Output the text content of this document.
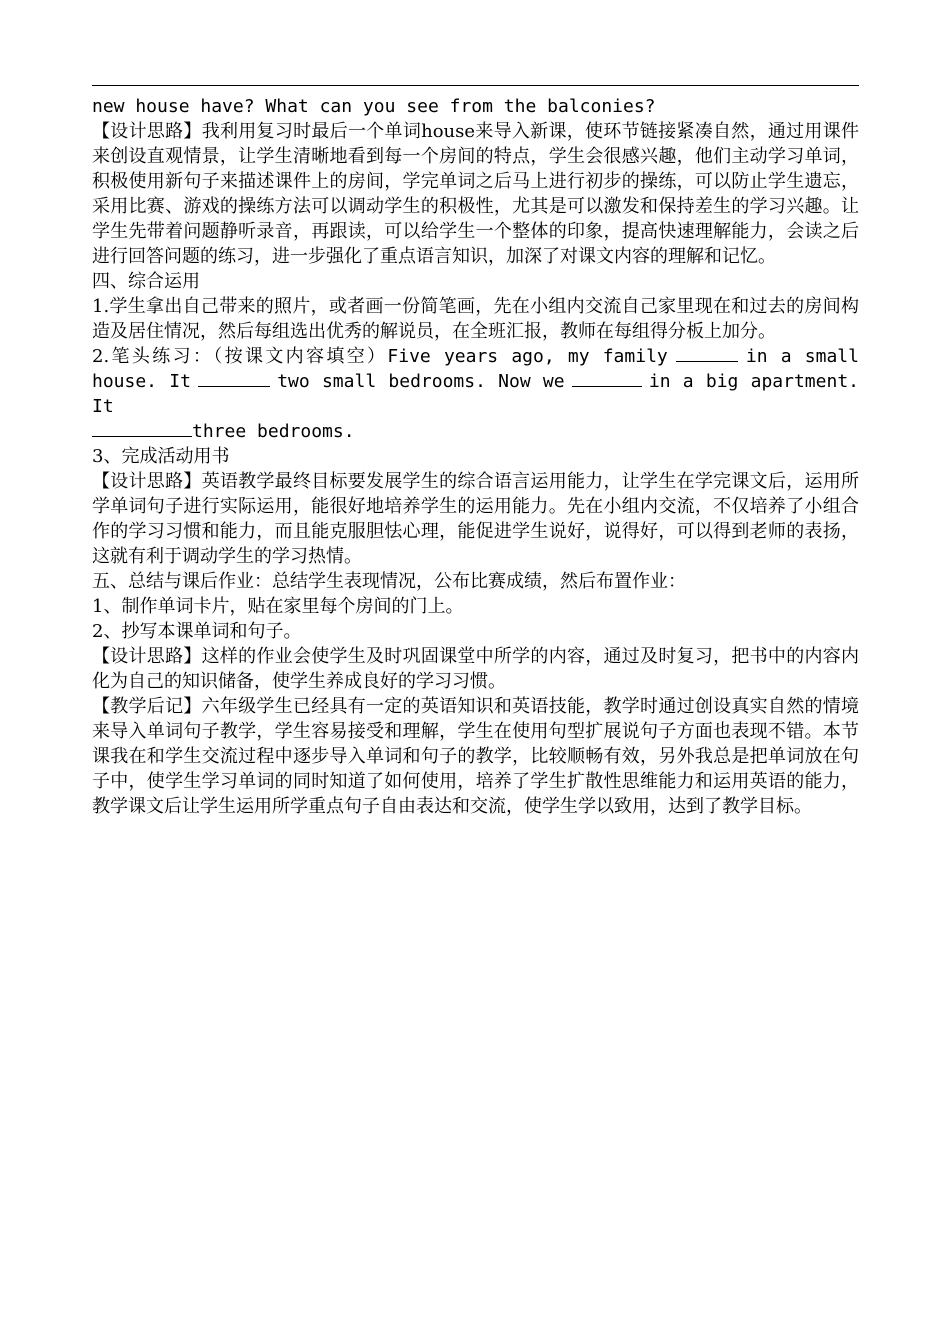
new house have? What can you see from the balconies?

【设计思路】我利用复习时最后一个单词house来导入新课，使环节链接紧凑自然，通过用课件来创设直观情景，让学生清晰地看到每一个房间的特点，学生会很感兴趣，他们主动学习单词，积极使用新句子来描述课件上的房间，学完单词之后马上进行初步的操练，可以防止学生遗忘，采用比赛、游戏的操练方法可以调动学生的积极性，尤其是可以激发和保持差生的学习兴趣。让学生先带着问题静听录音，再跟读，可以给学生一个整体的印象，提高快速理解能力，会读之后进行回答问题的练习，进一步强化了重点语言知识，加深了对课文内容的理解和记忆。

四、综合运用

1.学生拿出自己带来的照片，或者画一份简笔画，先在小组内交流自己家里现在和过去的房间构造及居住情况，然后每组选出优秀的解说员，在全班汇报，教师在每组得分板上加分。

2.笔头练习：（按课文内容填空）Five years ago, my family	in a small house. It	two small bedrooms. Now we	in a big apartment. It
three bedrooms.

3、完成活动用书

【设计思路】英语教学最终目标要发展学生的综合语言运用能力，让学生在学完课文后，运用所学单词句子进行实际运用，能很好地培养学生的运用能力。先在小组内交流，不仅培养了小组合作的学习习惯和能力，而且能克服胆怯心理，能促进学生说好，说得好，可以得到老师的表扬，这就有利于调动学生的学习热情。

五、总结与课后作业：总结学生表现情况，公布比赛成绩，然后布置作业：

1、制作单词卡片，贴在家里每个房间的门上。

2、抄写本课单词和句子。

【设计思路】这样的作业会使学生及时巩固课堂中所学的内容，通过及时复习，把书中的内容内化为自己的知识储备，使学生养成良好的学习习惯。

【教学后记】六年级学生已经具有一定的英语知识和英语技能，教学时通过创设真实自然的情境来导入单词句子教学，学生容易接受和理解，学生在使用句型扩展说句子方面也表现不错。本节课我在和学生交流过程中逐步导入单词和句子的教学，比较顺畅有效，另外我总是把单词放在句子中，使学生学习单词的同时知道了如何使用，培养了学生扩散性思维能力和运用英语的能力，教学课文后让学生运用所学重点句子自由表达和交流，使学生学以致用，达到了教学目标。
